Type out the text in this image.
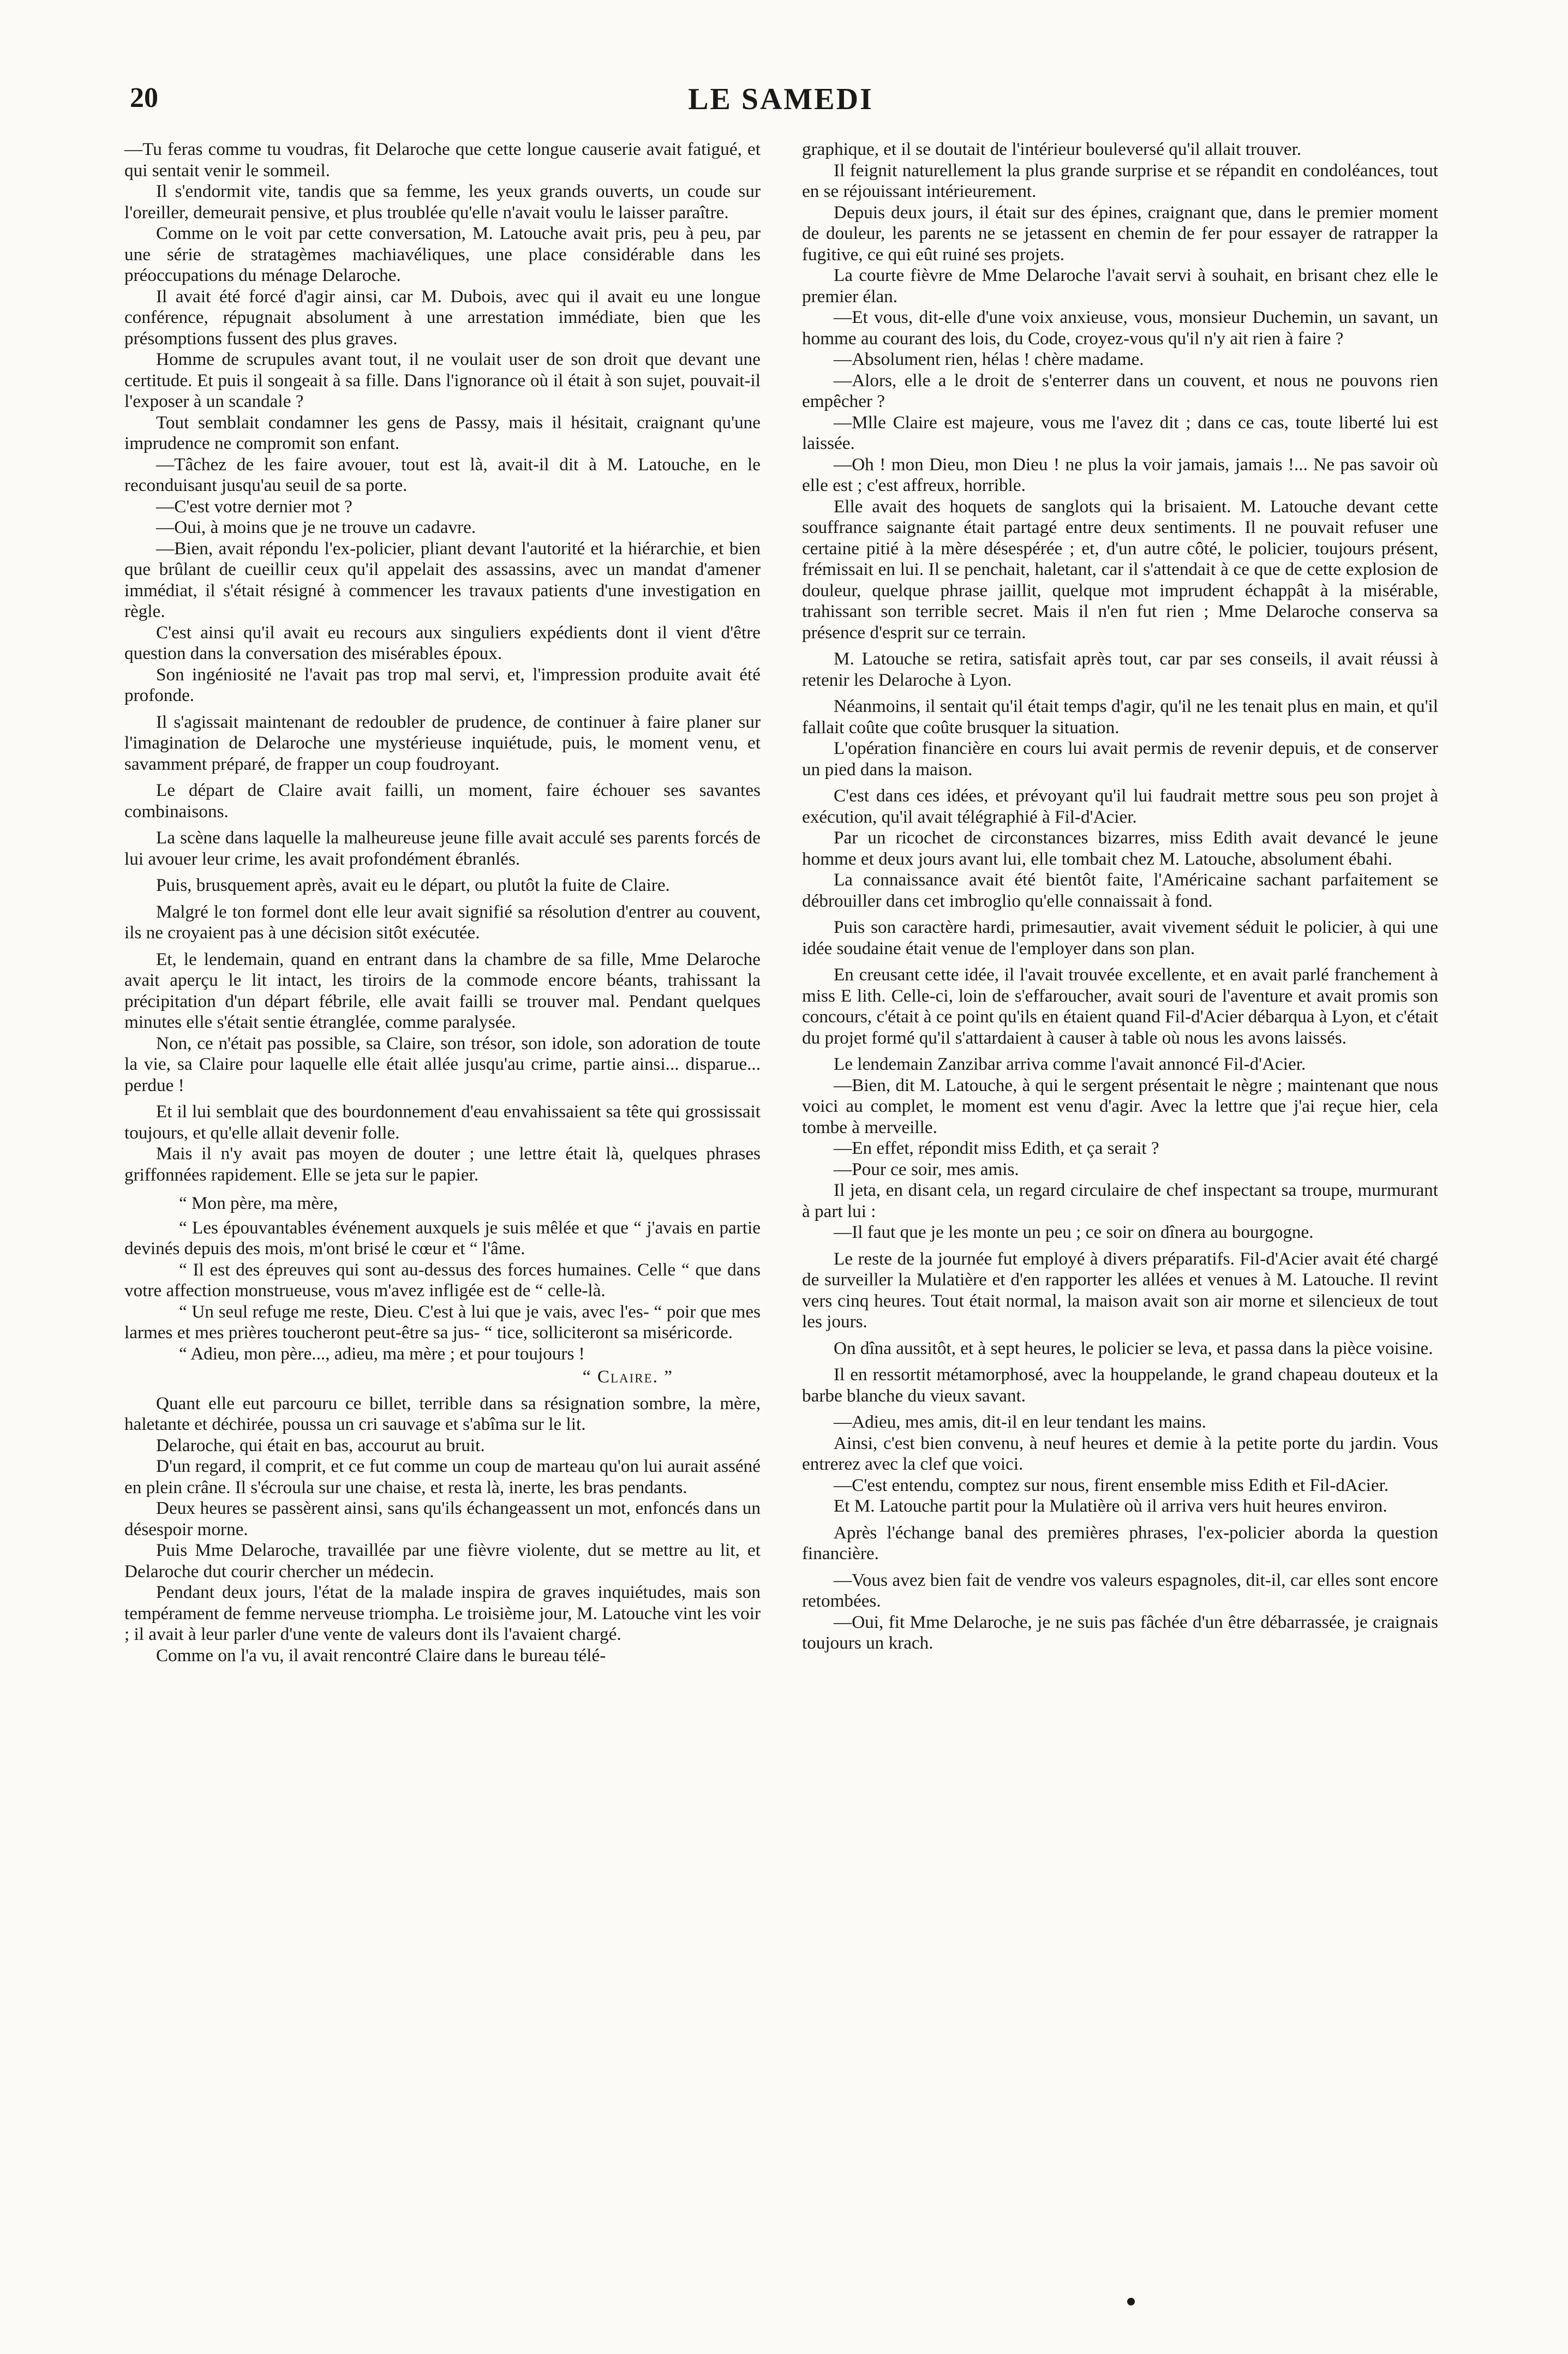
20	LE SAMEDI

—Tu feras comme tu voudras, fit Delaroche que cette longue causerie avait fatigué, et qui sentait venir le sommeil.

Il s'endormit vite, tandis que sa femme, les yeux grands ouverts, un coude sur l'oreiller, demeurait pensive, et plus troublée qu'elle n'avait voulu le laisser paraître.

Comme on le voit par cette conversation, M. Latouche avait pris, peu à peu, par une série de stratagèmes machiavéliques, une place considérable dans les préoccupations du ménage Delaroche.

Il avait été forcé d'agir ainsi, car M. Dubois, avec qui il avait eu une longue conférence, répugnait absolument à une arrestation immédiate, bien que les présomptions fussent des plus graves.

Homme de scrupules avant tout, il ne voulait user de son droit que devant une certitude. Et puis il songeait à sa fille. Dans l'ignorance où il était à son sujet, pouvait-il l'exposer à un scandale ?

Tout semblait condamner les gens de Passy, mais il hésitait, craignant qu'une imprudence ne compromit son enfant.

—Tâchez de les faire avouer, tout est là, avait-il dit à M. Latouche, en le reconduisant jusqu'au seuil de sa porte.

—C'est votre dernier mot ?

—Oui, à moins que je ne trouve un cadavre.

—Bien, avait répondu l'ex-policier, pliant devant l'autorité et la hiérarchie, et bien que brûlant de cueillir ceux qu'il appelait des assassins, avec un mandat d'amener immédiat, il s'était résigné à commencer les travaux patients d'une investigation en règle.

C'est ainsi qu'il avait eu recours aux singuliers expédients dont il vient d'être question dans la conversation des misérables époux.

Son ingéniosité ne l'avait pas trop mal servi, et, l'impression produite avait été profonde.

Il s'agissait maintenant de redoubler de prudence, de continuer à faire planer sur l'imagination de Delaroche une mystérieuse inquiétude, puis, le moment venu, et savamment préparé, de frapper un coup foudroyant.

Le départ de Claire avait failli, un moment, faire échouer ses savantes combinaisons.

La scène dans laquelle la malheureuse jeune fille avait acculé ses parents forcés de lui avouer leur crime, les avait profondément ébranlés.

Puis, brusquement après, avait eu le départ, ou plutôt la fuite de Claire.

Malgré le ton formel dont elle leur avait signifié sa résolution d'entrer au couvent, ils ne croyaient pas à une décision sitôt exécutée.

Et, le lendemain, quand en entrant dans la chambre de sa fille, Mme Delaroche avait aperçu le lit intact, les tiroirs de la commode encore béants, trahissant la précipitation d'un départ fébrile, elle avait failli se trouver mal. Pendant quelques minutes elle s'était sentie étranglée, comme paralysée.

Non, ce n'était pas possible, sa Claire, son trésor, son idole, son adoration de toute la vie, sa Claire pour laquelle elle était allée jusqu'au crime, partie ainsi... disparue... perdue !

Et il lui semblait que des bourdonnement d'eau envahissaient sa tête qui grossissait toujours, et qu'elle allait devenir folle.

Mais il n'y avait pas moyen de douter ; une lettre était là, quelques phrases griffonnées rapidement. Elle se jeta sur le papier.

“ Mon père, ma mère,

“ Les épouvantables événement auxquels je suis mêlée et que “ j'avais en partie devinés depuis des mois, m'ont brisé le cœur et “ l'âme.

“ Il est des épreuves qui sont au-dessus des forces humaines. Celle “ que dans votre affection monstrueuse, vous m'avez infligée est de “ celle-là.

“ Un seul refuge me reste, Dieu. C'est à lui que je vais, avec l'es- “ poir que mes larmes et mes prières toucheront peut-être sa jus- “ tice, solliciteront sa miséricorde.

“ Adieu, mon père..., adieu, ma mère ; et pour toujours !

“ Claire. ”

Quant elle eut parcouru ce billet, terrible dans sa résignation sombre, la mère, haletante et déchirée, poussa un cri sauvage et s'abîma sur le lit.

Delaroche, qui était en bas, accourut au bruit.

D'un regard, il comprit, et ce fut comme un coup de marteau qu'on lui aurait asséné en plein crâne. Il s'écroula sur une chaise, et resta là, inerte, les bras pendants.

Deux heures se passèrent ainsi, sans qu'ils échangeassent un mot, enfoncés dans un désespoir morne.

Puis Mme Delaroche, travaillée par une fièvre violente, dut se mettre au lit, et Delaroche dut courir chercher un médecin.

Pendant deux jours, l'état de la malade inspira de graves inquiétudes, mais son tempérament de femme nerveuse triompha. Le troisième jour, M. Latouche vint les voir ; il avait à leur parler d'une vente de valeurs dont ils l'avaient chargé.

Comme on l'a vu, il avait rencontré Claire dans le bureau télé-

graphique, et il se doutait de l'intérieur bouleversé qu'il allait trouver.

Il feignit naturellement la plus grande surprise et se répandit en condoléances, tout en se réjouissant intérieurement.

Depuis deux jours, il était sur des épines, craignant que, dans le premier moment de douleur, les parents ne se jetassent en chemin de fer pour essayer de ratrapper la fugitive, ce qui eût ruiné ses projets.

La courte fièvre de Mme Delaroche l'avait servi à souhait, en brisant chez elle le premier élan.

—Et vous, dit-elle d'une voix anxieuse, vous, monsieur Duchemin, un savant, un homme au courant des lois, du Code, croyez-vous qu'il n'y ait rien à faire ?

—Absolument rien, hélas ! chère madame.

—Alors, elle a le droit de s'enterrer dans un couvent, et nous ne pouvons rien empêcher ?

—Mlle Claire est majeure, vous me l'avez dit ; dans ce cas, toute liberté lui est laissée.

—Oh ! mon Dieu, mon Dieu ! ne plus la voir jamais, jamais !... Ne pas savoir où elle est ; c'est affreux, horrible.

Elle avait des hoquets de sanglots qui la brisaient. M. Latouche devant cette souffrance saignante était partagé entre deux sentiments. Il ne pouvait refuser une certaine pitié à la mère désespérée ; et, d'un autre côté, le policier, toujours présent, frémissait en lui. Il se penchait, haletant, car il s'attendait à ce que de cette explosion de douleur, quelque phrase jaillit, quelque mot imprudent échappât à la misérable, trahissant son terrible secret. Mais il n'en fut rien ; Mme Delaroche conserva sa présence d'esprit sur ce terrain.

M. Latouche se retira, satisfait après tout, car par ses conseils, il avait réussi à retenir les Delaroche à Lyon.

Néanmoins, il sentait qu'il était temps d'agir, qu'il ne les tenait plus en main, et qu'il fallait coûte que coûte brusquer la situation.

L'opération financière en cours lui avait permis de revenir depuis, et de conserver un pied dans la maison.

C'est dans ces idées, et prévoyant qu'il lui faudrait mettre sous peu son projet à exécution, qu'il avait télégraphié à Fil-d'Acier.

Par un ricochet de circonstances bizarres, miss Edith avait devancé le jeune homme et deux jours avant lui, elle tombait chez M. Latouche, absolument ébahi.

La connaissance avait été bientôt faite, l'Américaine sachant parfaitement se débrouiller dans cet imbroglio qu'elle connaissait à fond.

Puis son caractère hardi, primesautier, avait vivement séduit le policier, à qui une idée soudaine était venue de l'employer dans son plan.

En creusant cette idée, il l'avait trouvée excellente, et en avait parlé franchement à miss E lith. Celle-ci, loin de s'effaroucher, avait souri de l'aventure et avait promis son concours, c'était à ce point qu'ils en étaient quand Fil-d'Acier débarqua à Lyon, et c'était du projet formé qu'il s'attardaient à causer à table où nous les avons laissés.

Le lendemain Zanzibar arriva comme l'avait annoncé Fil-d'Acier.

—Bien, dit M. Latouche, à qui le sergent présentait le nègre ; maintenant que nous voici au complet, le moment est venu d'agir. Avec la lettre que j'ai reçue hier, cela tombe à merveille.

—En effet, répondit miss Edith, et ça serait ?

—Pour ce soir, mes amis.

Il jeta, en disant cela, un regard circulaire de chef inspectant sa troupe, murmurant à part lui :

—Il faut que je les monte un peu ; ce soir on dînera au bourgogne.

Le reste de la journée fut employé à divers préparatifs. Fil-d'Acier avait été chargé de surveiller la Mulatière et d'en rapporter les allées et venues à M. Latouche. Il revint vers cinq heures. Tout était normal, la maison avait son air morne et silencieux de tout les jours.

On dîna aussitôt, et à sept heures, le policier se leva, et passa dans la pièce voisine.

Il en ressortit métamorphosé, avec la houppelande, le grand chapeau douteux et la barbe blanche du vieux savant.

—Adieu, mes amis, dit-il en leur tendant les mains.

Ainsi, c'est bien convenu, à neuf heures et demie à la petite porte du jardin. Vous entrerez avec la clef que voici.

—C'est entendu, comptez sur nous, firent ensemble miss Edith et Fil-dAcier.

Et M. Latouche partit pour la Mulatière où il arriva vers huit heures environ.

Après l'échange banal des premières phrases, l'ex-policier aborda la question financière.

—Vous avez bien fait de vendre vos valeurs espagnoles, dit-il, car elles sont encore retombées.

—Oui, fit Mme Delaroche, je ne suis pas fâchée d'un être débarrassée, je craignais toujours un krach.
